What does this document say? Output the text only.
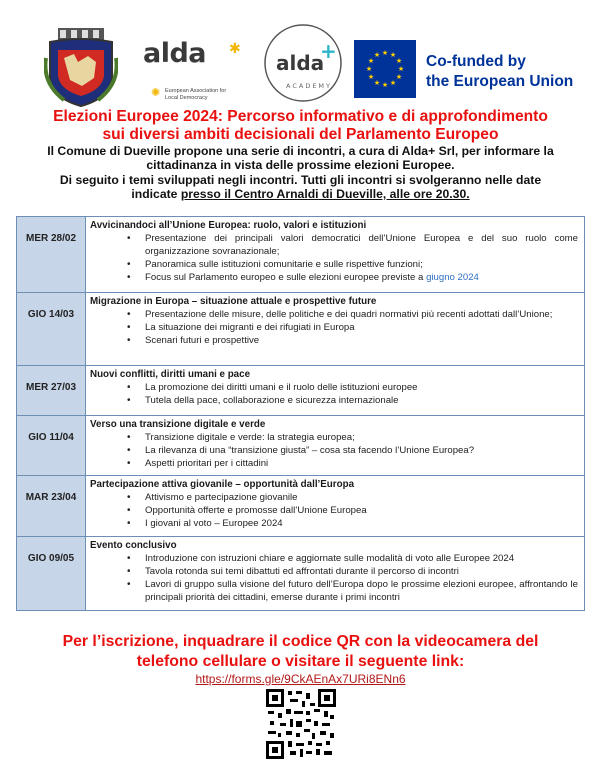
alda	✱
✺ European Association for Local Democracy
alda
+
ACADEMY
★ ★
★
★
★
★
★
★
★
★
★
★	Co-funded by
the European Union
Elezioni Europee 2024: Percorso informativo e di approfondimento
sui diversi ambiti decisionali del Parlamento Europeo
Il Comune di Dueville propone una serie di incontri, a cura di Alda+ Srl, per informare la
cittadinanza in vista delle prossime elezioni Europee.
Di seguito i temi sviluppati negli incontri. Tutti gli incontri si svolgeranno nelle date
indicate presso il Centro Arnaldi di Dueville, alle ore 20.30.
MER 28/02
Avvicinandoci all’Unione Europea: ruolo, valori e istituzioni
• Presentazione dei principali valori democratici dell’Unione Europea e del suo ruolo come organizzazione sovranazionale;
• Panoramica sulle istituzioni comunitarie e sulle rispettive funzioni;
• Focus sul Parlamento europeo e sulle elezioni europee previste a giugno 2024
GIO 14/03
Migrazione in Europa – situazione attuale e prospettive future
• Presentazione delle misure, delle politiche e dei quadri normativi più recenti adottati dall’Unione;
• La situazione dei migranti e dei rifugiati in Europa
• Scenari futuri e prospettive
MER 27/03
Nuovi conflitti, diritti umani e pace
• La promozione dei diritti umani e il ruolo delle istituzioni europee
• Tutela della pace, collaborazione e sicurezza internazionale
GIO 11/04
Verso una transizione digitale e verde
• Transizione digitale e verde: la strategia europea;
• La rilevanza di una “transizione giusta” – cosa sta facendo l’Unione Europea?
• Aspetti prioritari per i cittadini
MAR 23/04
Partecipazione attiva giovanile – opportunità dall’Europa
• Attivismo e partecipazione giovanile
• Opportunità offerte e promosse dall’Unione Europea
• I giovani al voto – Europee 2024
GIO 09/05
Evento conclusivo
• Introduzione con istruzioni chiare e aggiornate sulle modalità di voto alle Europee 2024
• Tavola rotonda sui temi dibattuti ed affrontati durante il percorso di incontri
• Lavori di gruppo sulla visione del futuro dell’Europa dopo le prossime elezioni europee, affrontando le principali priorità dei cittadini, emerse durante i primi incontri
Per l’iscrizione, inquadrare il codice QR con la videocamera del
telefono cellulare o visitare il seguente link:
https://forms.gle/9CkAEnAx7URi8ENn6
